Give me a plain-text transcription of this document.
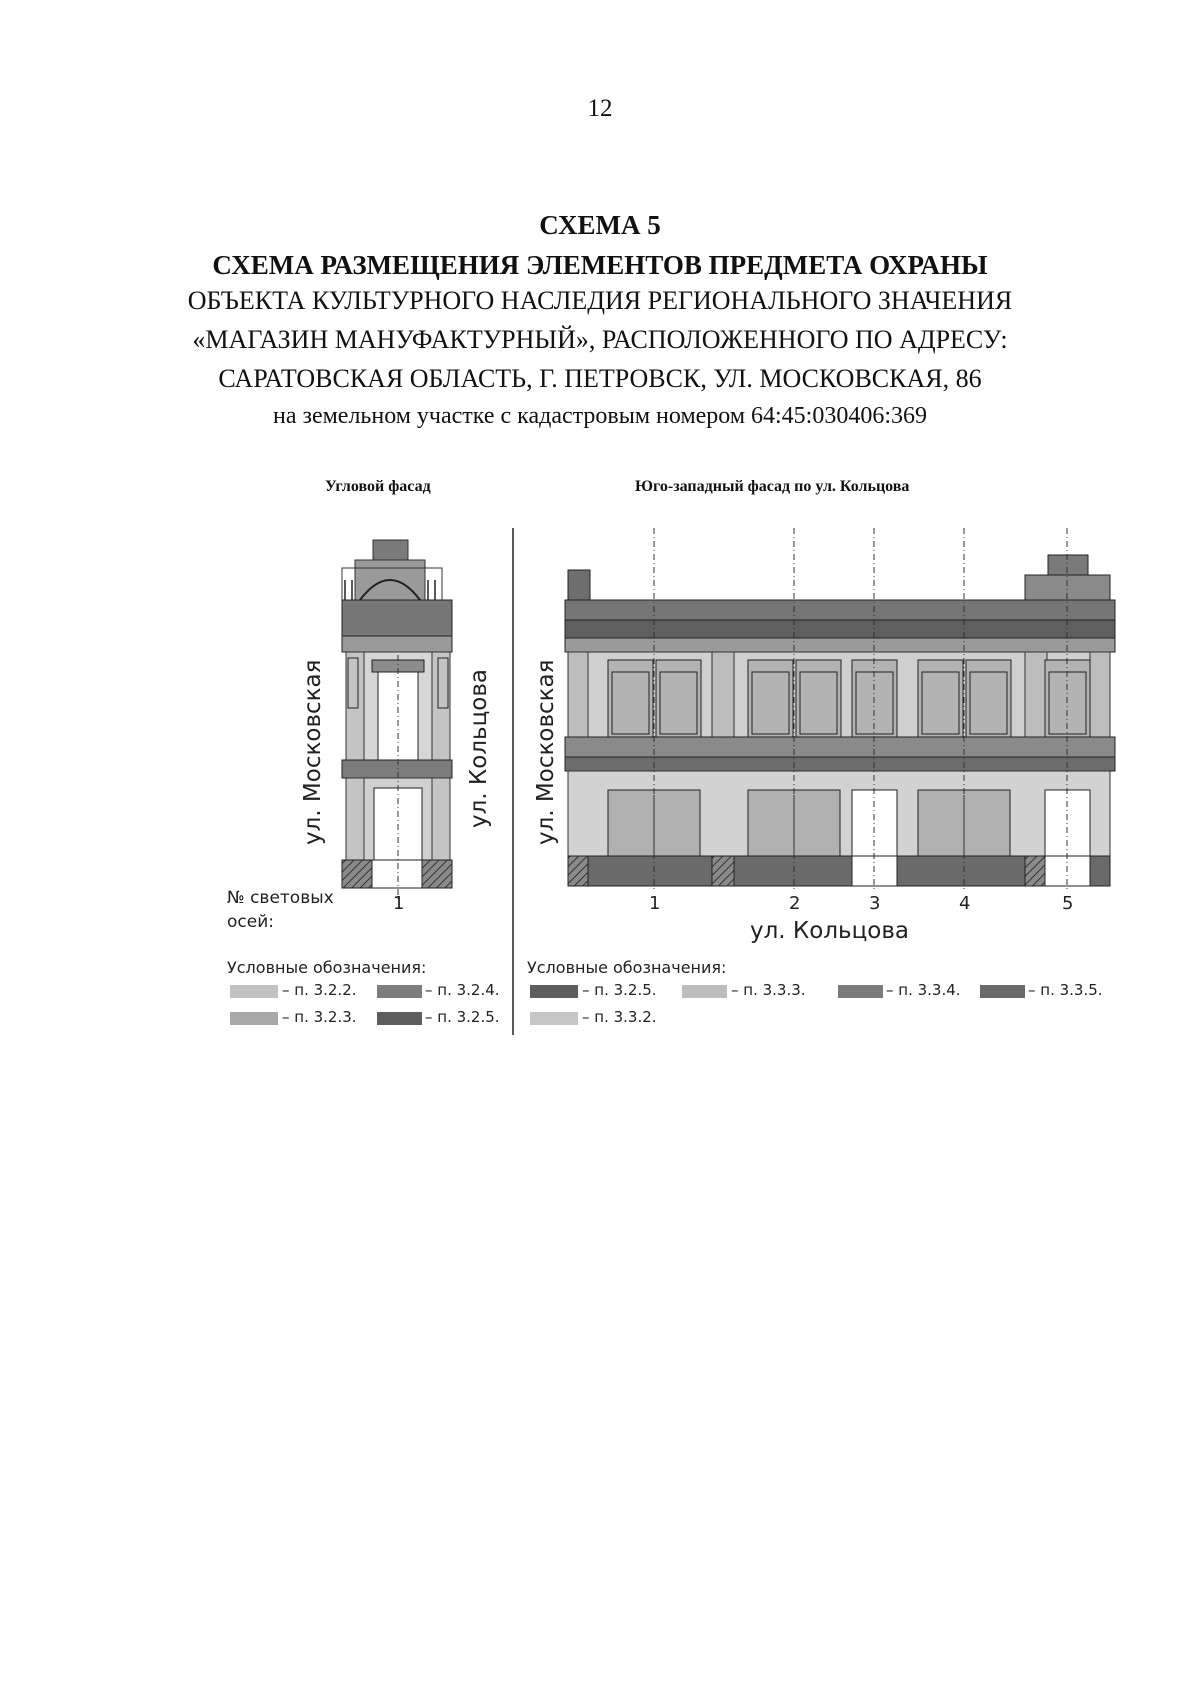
12
СХЕМА 5
СХЕМА РАЗМЕЩЕНИЯ ЭЛЕМЕНТОВ ПРЕДМЕТА ОХРАНЫ
ОБЪЕКТА КУЛЬТУРНОГО НАСЛЕДИЯ РЕГИОНАЛЬНОГО ЗНАЧЕНИЯ
«МАГАЗИН МАНУФАКТУРНЫЙ», РАСПОЛОЖЕННОГО ПО АДРЕСУ:
САРАТОВСКАЯ ОБЛАСТЬ, Г. ПЕТРОВСК, УЛ. МОСКОВСКАЯ, 86
на земельном участке с кадастровым номером 64:45:030406:369
Угловой фасад	Юго-западный фасад по ул. Кольцова
ул. Московская	ул. Кольцова ул. Московская
№ световых
осей:
1	1	2	3	4	5
ул. Кольцова
Условные обозначения:
– п. 3.2.2.	– п. 3.2.4.
– п. 3.2.3.	– п. 3.2.5.
Условные обозначения:
– п. 3.2.5.	– п. 3.3.3.	– п. 3.3.4.	– п. 3.3.5.
– п. 3.3.2.
